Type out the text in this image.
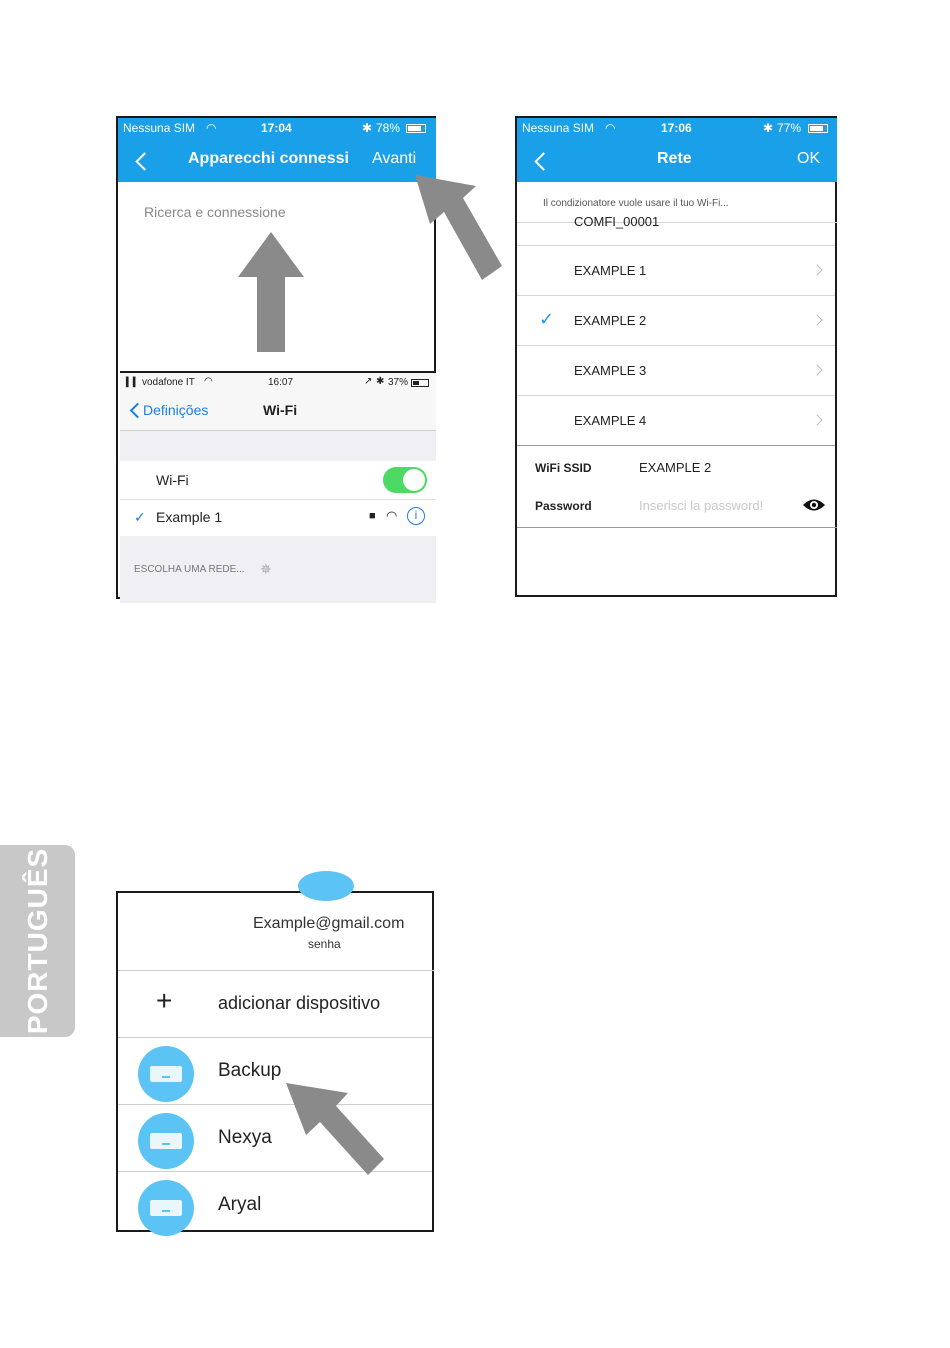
Nessuna SIM ◠	17:04	✱ 78%
Apparecchi connessi Avanti
Ricerca e connessione
▍▍ vodafone IT ◠	16:07	↗ ✱ 37%
Definições	Wi-Fi
Wi-Fi
✓ Example 1	■ ◠	i
ESCOLHA UMA REDE... ✵
Nessuna SIM ◠	17:06	✱ 77%
Rete	OK
Il condizionatore vuole usare il tuo Wi-Fi...
COMFI_00001
EXAMPLE 1
✓ EXAMPLE 2
EXAMPLE 3
EXAMPLE 4
WiFi SSID	EXAMPLE 2
Password	Inserisci la password!
PORTUGUÊS	Example@gmail.com
senha
+	adicionar dispositivo
Backup
Nexya
Aryal
